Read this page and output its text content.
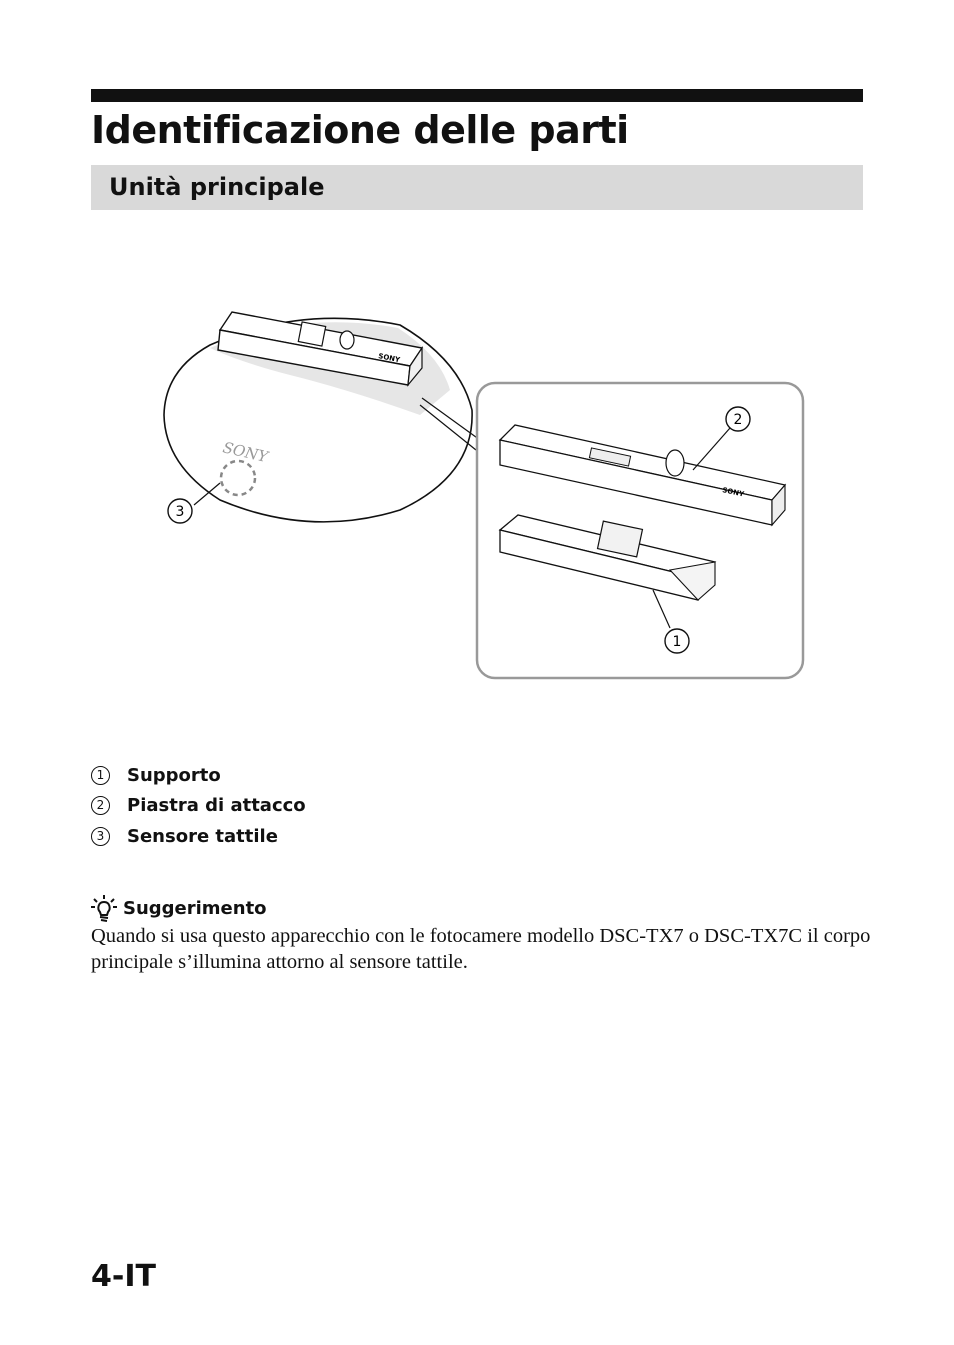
Identificazione delle parti
Unità principale
SONY
SONY
3
SONY
2
1
1	Supporto
2	Piastra di attacco
3	Sensore tattile
Suggerimento

Quando si usa questo apparecchio con le fotocamere modello DSC-TX7 o DSC-TX7C il corpo principale s’illumina attorno al sensore tattile.

4-IT
